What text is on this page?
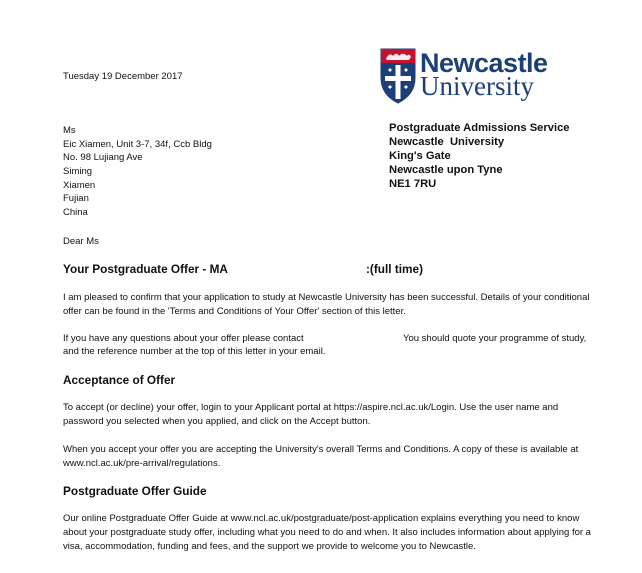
Tuesday 19 December 2017	Newcastle
University
Ms
Eic Xiamen, Unit 3-7, 34f, Ccb Bldg
No. 98 Lujiang Ave
Siming
Xiamen
Fujian
China
Postgraduate Admissions Service
Newcastle  University
King's Gate
Newcastle upon Tyne
NE1 7RU
Dear Ms
Your Postgraduate Offer - MA	:(full time)
I am pleased to confirm that your application to study at Newcastle University has been successful. Details of your conditional
offer can be found in the 'Terms and Conditions of Your Offer' section of this letter.
If you have any questions about your offer please contact	You should quote your programme of study,
and the reference number at the top of this letter in your email.
Acceptance of Offer
To accept (or decline) your offer, login to your Applicant portal at https://aspire.ncl.ac.uk/Login. Use the user name and
password you selected when you applied, and click on the Accept button.
When you accept your offer you are accepting the University's overall Terms and Conditions. A copy of these is available at
www.ncl.ac.uk/pre-arrival/regulations.
Postgraduate Offer Guide
Our online Postgraduate Offer Guide at www.ncl.ac.uk/postgraduate/post-application explains everything you need to know
about your postgraduate study offer, including what you need to do and when. It also includes information about applying for a
visa, accommodation, funding and fees, and the support we provide to welcome you to Newcastle.
